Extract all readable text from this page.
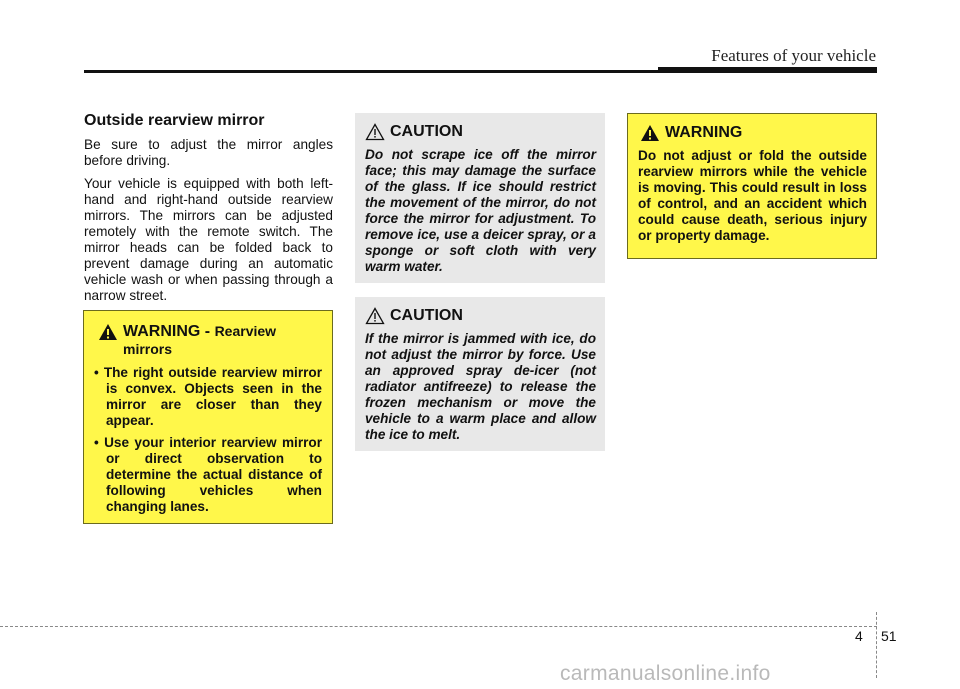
Features of your vehicle

Outside rearview mirror

Be sure to adjust the mirror angles before driving.

Your vehicle is equipped with both left-hand and right-hand outside rearview mirrors. The mirrors can be adjusted remotely with the remote switch. The mirror heads can be folded back to prevent damage during an automatic vehicle wash or when passing through a narrow street.

WARNING - Rearview mirrors
• The right outside rearview mirror is convex. Objects seen in the mirror are closer than they appear.
• Use your interior rearview mirror or direct observation to determine the actual distance of following vehicles when changing lanes.
CAUTION
Do not scrape ice off the mirror face; this may damage the surface of the glass. If ice should restrict the movement of the mirror, do not force the mirror for adjustment. To remove ice, use a deicer spray, or a sponge or soft cloth with very warm water.
CAUTION
If the mirror is jammed with ice, do not adjust the mirror by force. Use an approved spray de-icer (not radiator antifreeze) to release the frozen mechanism or move the vehicle to a warm place and allow the ice to melt.
WARNING
Do not adjust or fold the outside rearview mirrors while the vehicle is moving. This could result in loss of control, and an accident which could cause death, serious injury or property damage.
4 51
carmanualsonline.info
